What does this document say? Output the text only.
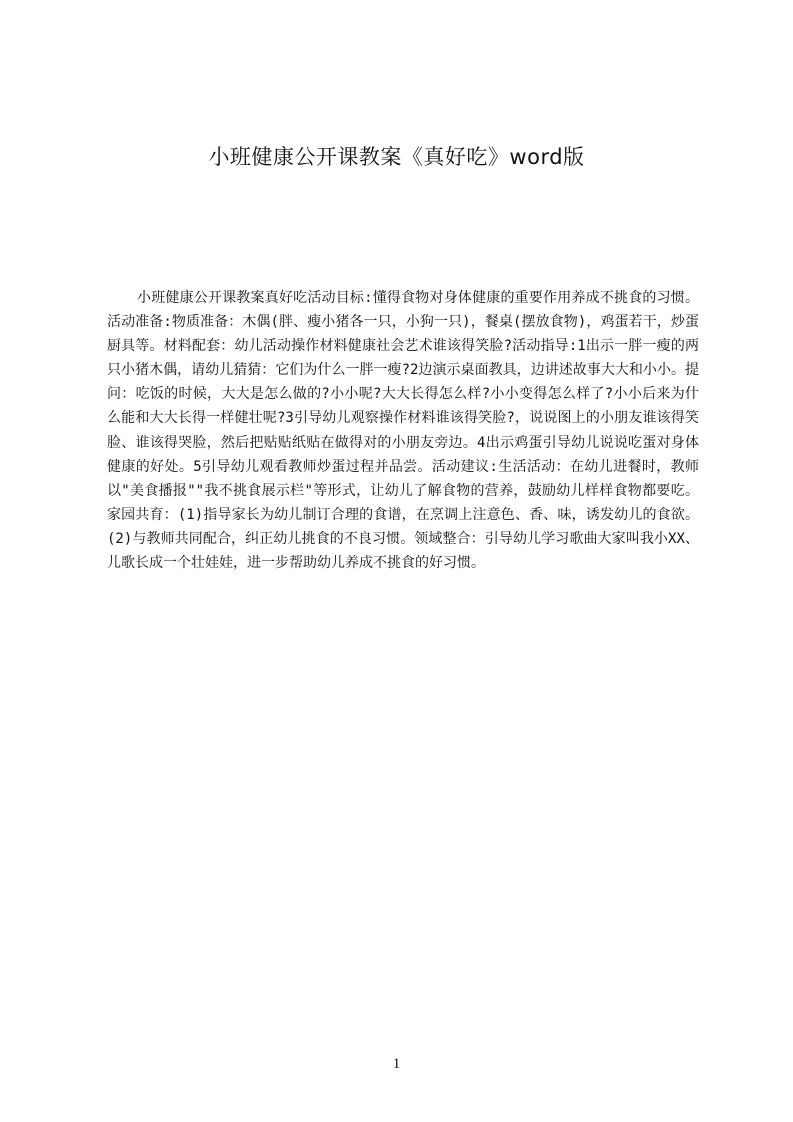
小班健康公开课教案《真好吃》word版

小班健康公开课教案真好吃活动目标:懂得食物对身体健康的重要作用养成不挑食的习惯。活动准备:物质准备：木偶(胖、瘦小猪各一只，小狗一只)，餐桌(摆放食物)，鸡蛋若干，炒蛋厨具等。材料配套：幼儿活动操作材料健康社会艺术谁该得笑脸?活动指导:1出示一胖一瘦的两只小猪木偶，请幼儿猜猜：它们为什么一胖一瘦?2边演示桌面教具，边讲述故事大大和小小。提问：吃饭的时候，大大是怎么做的?小小呢?大大长得怎么样?小小变得怎么样了?小小后来为什么能和大大长得一样健壮呢?3引导幼儿观察操作材料谁该得笑脸?，说说图上的小朋友谁该得笑脸、谁该得哭脸，然后把贴贴纸贴在做得对的小朋友旁边。4出示鸡蛋引导幼儿说说吃蛋对身体健康的好处。5引导幼儿观看教师炒蛋过程并品尝。活动建议:生活活动：在幼儿进餐时，教师以"美食播报""我不挑食展示栏"等形式，让幼儿了解食物的营养，鼓励幼儿样样食物都要吃。家园共育：(1)指导家长为幼儿制订合理的食谱，在烹调上注意色、香、味，诱发幼儿的食欲。(2)与教师共同配合，纠正幼儿挑食的不良习惯。领域整合：引导幼儿学习歌曲大家叫我小XX、儿歌长成一个壮娃娃，进一步帮助幼儿养成不挑食的好习惯。

1
